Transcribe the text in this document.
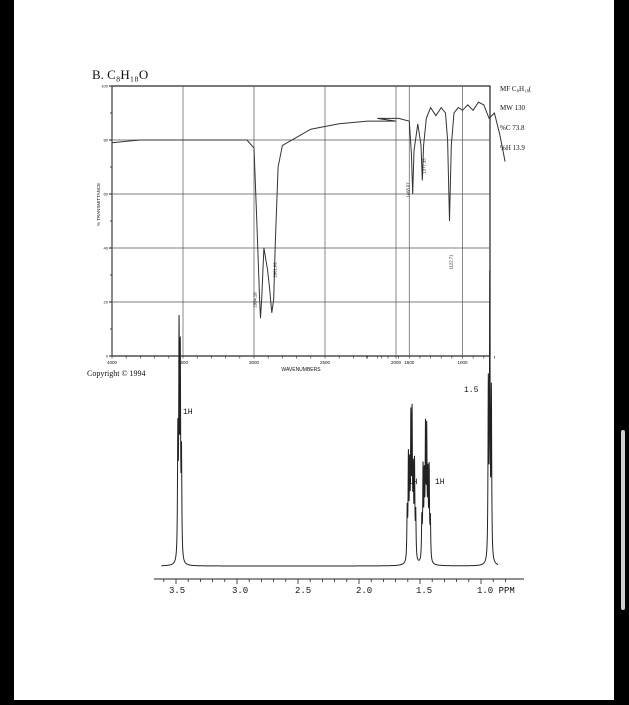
B. C₈H₁₈O
100
80
60
40
20
0
4000	3500	3000	2500	2000 1500	1000
% TRANSMITTANCE
WAVENUMBERS
Copyright © 1994
2954.18
2861.09
1468.07
1377.35
1122.71
MF C₈H₁₈(
MW 130
%C 73.8
%H 13.9
3.5	3.0	2.5	2.0	1.5	1.0 PPM
1H
1H 1H
1.5
